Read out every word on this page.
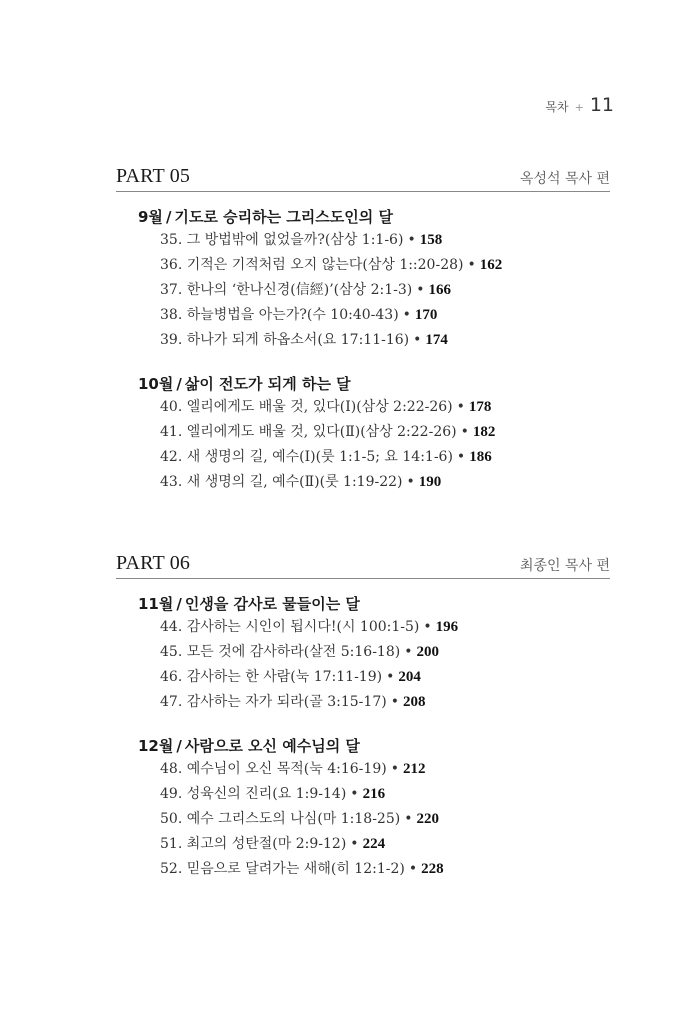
목차 + 11
PART 05	옥성석 목사 편
9월 / 기도로 승리하는 그리스도인의 달
35. 그 방법밖에 없었을까?(삼상 1:1-6) • 158
36. 기적은 기적처럼 오지 않는다(삼상 1::20-28) • 162
37. 한나의 ‘한나신경(信經)’(삼상 2:1-3) • 166
38. 하늘병법을 아는가?(수 10:40-43) • 170
39. 하나가 되게 하옵소서(요 17:11-16) • 174
10월 / 삶이 전도가 되게 하는 달
40. 엘리에게도 배울 것, 있다(Ⅰ)(삼상 2:22-26) • 178
41. 엘리에게도 배울 것, 있다(Ⅱ)(삼상 2:22-26) • 182
42. 새 생명의 길, 예수(Ⅰ)(룻 1:1-5; 요 14:1-6) • 186
43. 새 생명의 길, 예수(Ⅱ)(룻 1:19-22) • 190
PART 06	최종인 목사 편
11월 / 인생을 감사로 물들이는 달
44. 감사하는 시인이 됩시다!(시 100:1-5) • 196
45. 모든 것에 감사하라(살전 5:16-18) • 200
46. 감사하는 한 사람(눅 17:11-19) • 204
47. 감사하는 자가 되라(골 3:15-17) • 208
12월 / 사람으로 오신 예수님의 달
48. 예수님이 오신 목적(눅 4:16-19) • 212
49. 성육신의 진리(요 1:9-14) • 216
50. 예수 그리스도의 나심(마 1:18-25) • 220
51. 최고의 성탄절(마 2:9-12) • 224
52. 믿음으로 달려가는 새해(히 12:1-2) • 228
